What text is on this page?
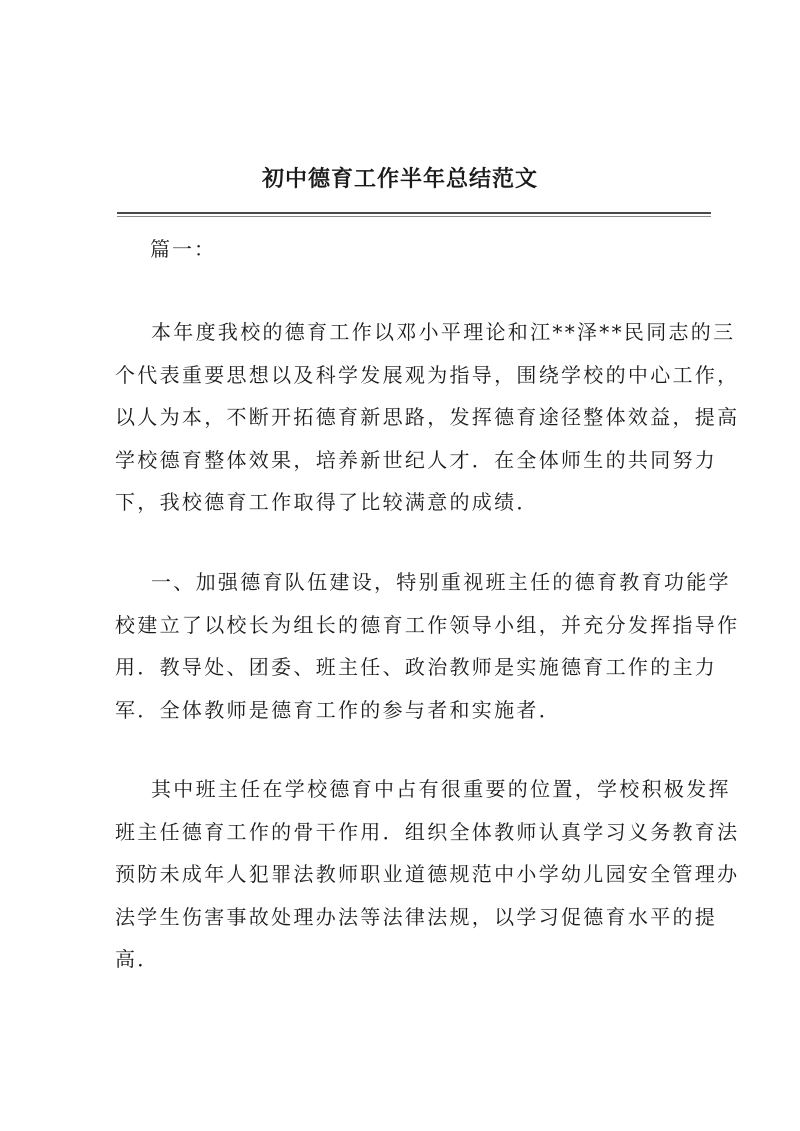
初中德育工作半年总结范文
篇一：
本年度我校的德育工作以邓小平理论和江**泽**民同志的三
个代表重要思想以及科学发展观为指导，围绕学校的中心工作，
以人为本，不断开拓德育新思路，发挥德育途径整体效益，提高
学校德育整体效果，培养新世纪人才．在全体师生的共同努力
下，我校德育工作取得了比较满意的成绩．
一、加强德育队伍建设，特别重视班主任的德育教育功能学
校建立了以校长为组长的德育工作领导小组，并充分发挥指导作
用．教导处、团委、班主任、政治教师是实施德育工作的主力
军．全体教师是德育工作的参与者和实施者．
其中班主任在学校德育中占有很重要的位置，学校积极发挥
班主任德育工作的骨干作用．组织全体教师认真学习义务教育法
预防未成年人犯罪法教师职业道德规范中小学幼儿园安全管理办
法学生伤害事故处理办法等法律法规，以学习促德育水平的提
高．
